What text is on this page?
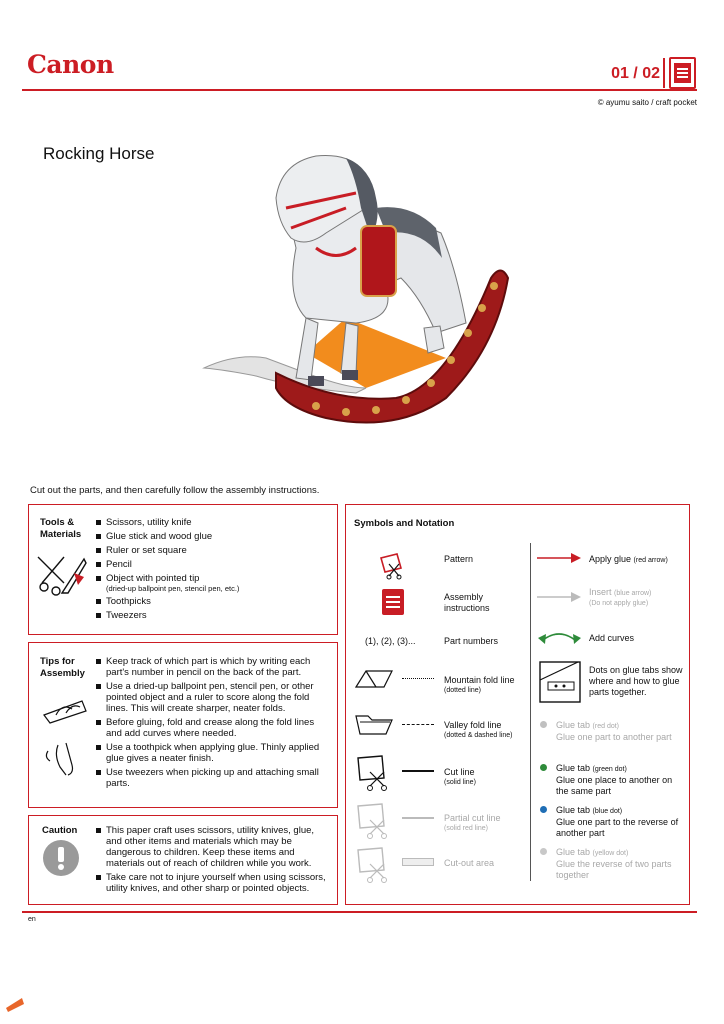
Canon	01 / 02
© ayumu saito / craft pocket
Rocking Horse
Cut out the parts, and then carefully follow the assembly instructions.
Tools & Materials
Scissors, utility knife
Glue stick and wood glue
Ruler or set square
Pencil
Object with pointed tip
(dried-up ballpoint pen, stencil pen, etc.)
Toothpicks
Tweezers
Tips for Assembly
Keep track of which part is which by writing each part's number in pencil on the back of the part.
Use a dried-up ballpoint pen, stencil pen, or other pointed object and a ruler to score along the fold lines. This will create sharper, neater folds.
Before gluing, fold and crease along the fold lines and add curves where needed.
Use a toothpick when applying glue. Thinly applied glue gives a neater finish.
Use tweezers when picking up and attaching small parts.
Caution	This paper craft uses scissors, utility knives, glue, and other items and materials which may be dangerous to children. Keep these items and materials out of reach of children while you work.
Take care not to injure yourself when using scissors, utility knives, and other sharp or pointed objects.
Symbols and Notation
Pattern
Assembly instructions
(1), (2), (3)...	Part numbers
Mountain fold line
(dotted line)
Valley fold line
(dotted & dashed line)
Cut line
(solid line)
Partial cut line
(solid red line)
Cut-out area
Apply glue (red arrow)
Insert (blue arrow)
(Do not apply glue)
Add curves
Dots on glue tabs show where and how to glue parts together.
Glue tab (red dot)
Glue one part to another part
Glue tab (green dot)
Glue one place to another on the same part
Glue tab (blue dot)
Glue one part to the reverse of another part
Glue tab (yellow dot)
Glue the reverse of two parts together
en
